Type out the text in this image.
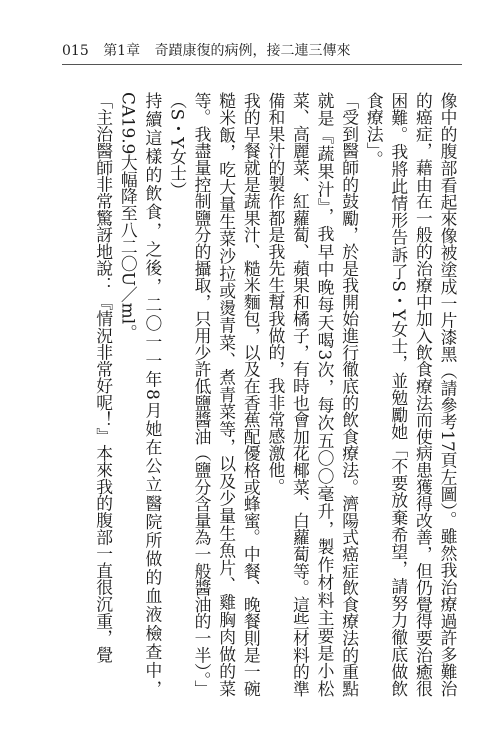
015 第1章 奇蹟康復的病例，接二連三傳來

像中的腹部看起來像被塗成一片漆黑（請參考17頁左圖）。雖然我治療過許多難治的癌症，藉由在一般的治療中加入飲食療法而使病患獲得改善，但仍覺得要治癒很困難。我將此情形告訴了S・Y女士，並勉勵她「不要放棄希望，請努力徹底做飲食療法」。

「受到醫師的鼓勵，於是我開始進行徹底的飲食療法。濟陽式癌症飲食療法的重點就是『蔬果汁』，我早中晚每天喝3次，每次五〇〇毫升，製作材料主要是小松菜、高麗菜、紅蘿蔔、蘋果和橘子，有時也會加花椰菜、白蘿蔔等。這些材料的準備和果汁的製作都是我先生幫我做的，我非常感激他。

我的早餐就是蔬果汁、糙米麵包，以及在香蕉配優格或蜂蜜。中餐、晚餐則是一碗糙米飯，吃大量生菜沙拉或燙青菜、煮青菜等，以及少量生魚片、雞胸肉做的菜等。我盡量控制鹽分的攝取，只用少許低鹽醬油（鹽分含量為一般醬油的一半）。」（S・Y女士）

持續這樣的飲食，之後，二〇一一年8月她在公立醫院所做的血液檢查中，CA19.9大幅降至八二〇U／ml。

「主治醫師非常驚訝地說：『情況非常好呢！』本來我的腹部一直很沉重，覺
